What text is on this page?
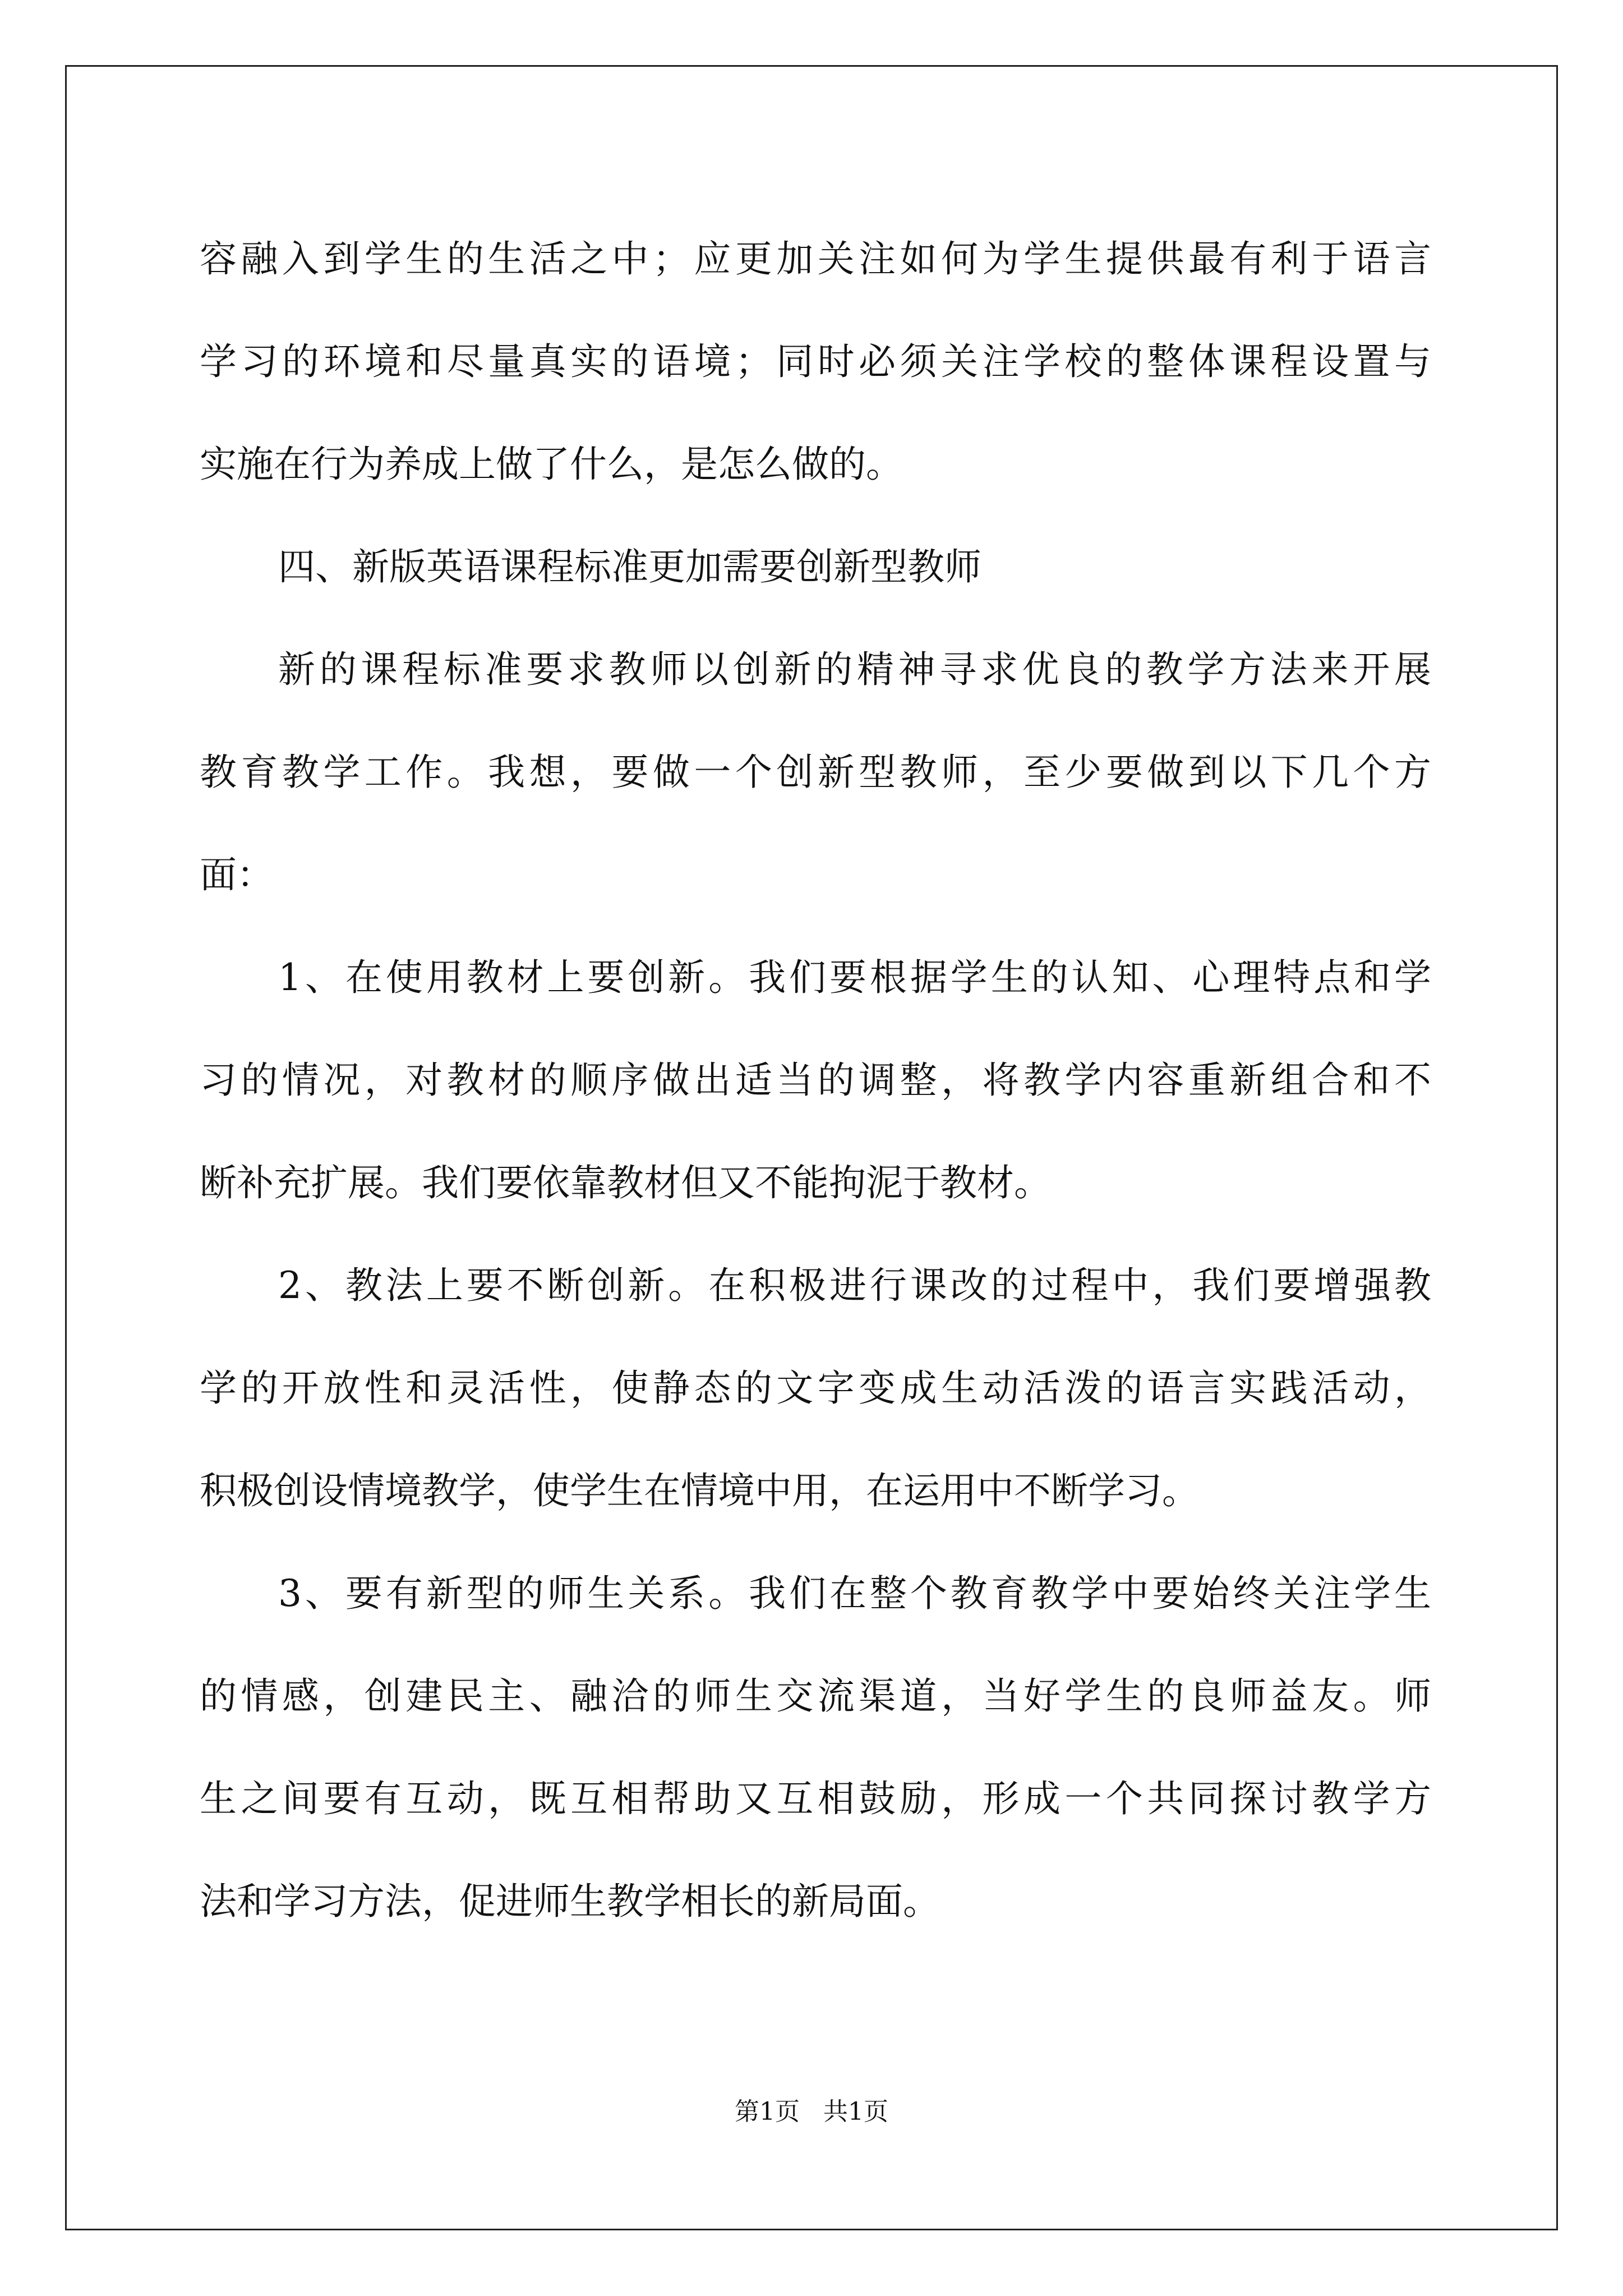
容融入到学生的生活之中；应更加关注如何为学生提供最有利于语言
学习的环境和尽量真实的语境；同时必须关注学校的整体课程设置与
实施在行为养成上做了什么，是怎么做的。
四、新版英语课程标准更加需要创新型教师
新的课程标准要求教师以创新的精神寻求优良的教学方法来开展
教育教学工作。我想，要做一个创新型教师，至少要做到以下几个方
面：
1、在使用教材上要创新。我们要根据学生的认知、心理特点和学
习的情况，对教材的顺序做出适当的调整，将教学内容重新组合和不
断补充扩展。我们要依靠教材但又不能拘泥于教材。
2、教法上要不断创新。在积极进行课改的过程中，我们要增强教
学的开放性和灵活性，使静态的文字变成生动活泼的语言实践活动，
积极创设情境教学，使学生在情境中用，在运用中不断学习。
3、要有新型的师生关系。我们在整个教育教学中要始终关注学生
的情感，创建民主、融洽的师生交流渠道，当好学生的良师益友。师
生之间要有互动，既互相帮助又互相鼓励，形成一个共同探讨教学方
法和学习方法，促进师生教学相长的新局面。
第1页   共1页
